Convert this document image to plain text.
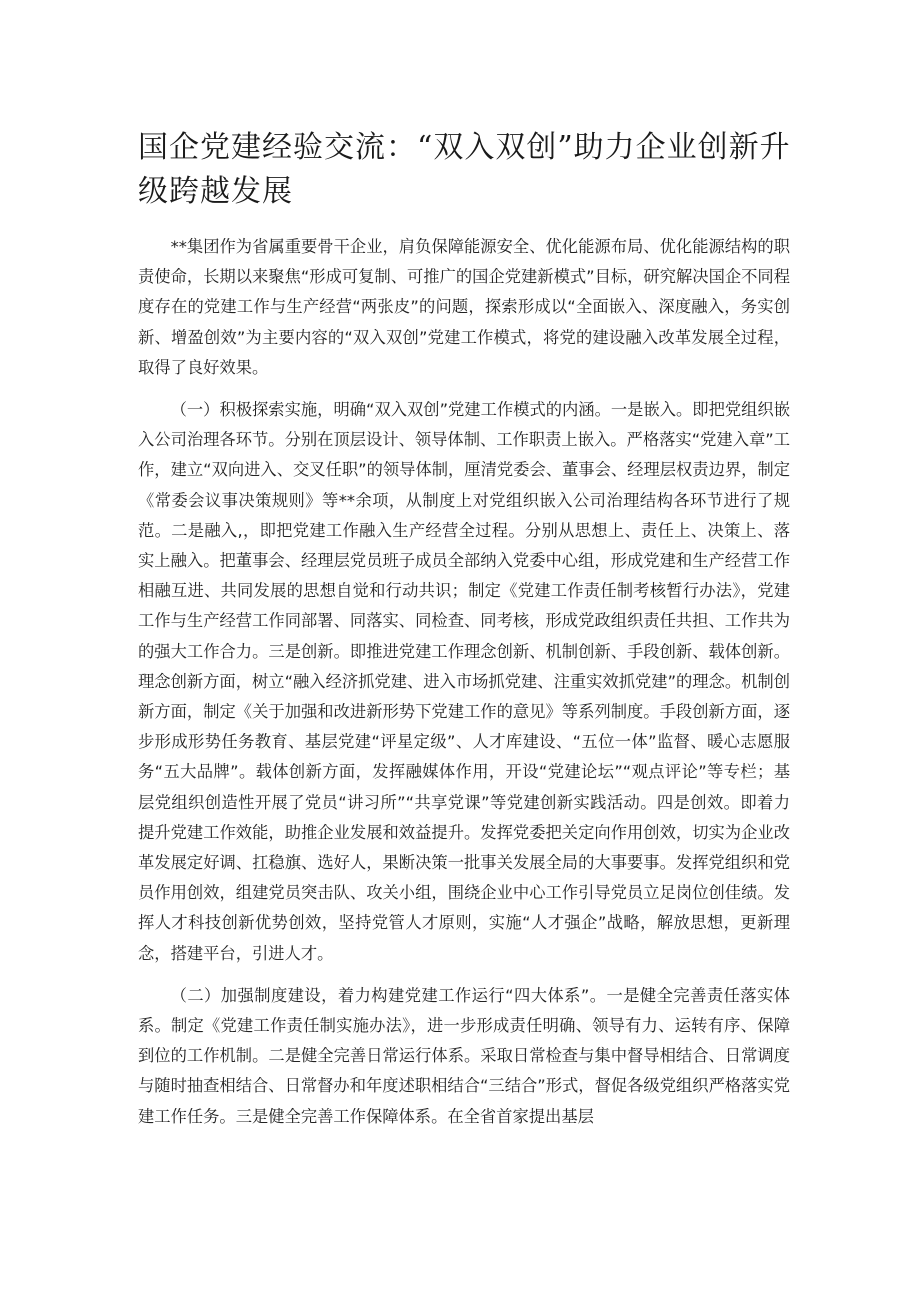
国企党建经验交流：“双入双创”助力企业创新升级跨越发展

**集团作为省属重要骨干企业，肩负保障能源安全、优化能源布局、优化能源结构的职责使命，长期以来聚焦“形成可复制、可推广的国企党建新模式”目标，研究解决国企不同程度存在的党建工作与生产经营“两张皮”的问题，探索形成以“全面嵌入、深度融入，务实创新、增盈创效”为主要内容的“双入双创”党建工作模式，将党的建设融入改革发展全过程，取得了良好效果。

（一）积极探索实施，明确“双入双创”党建工作模式的内涵。一是嵌入。即把党组织嵌入公司治理各环节。分别在顶层设计、领导体制、工作职责上嵌入。严格落实“党建入章”工作，建立“双向进入、交叉任职”的领导体制，厘清党委会、董事会、经理层权责边界，制定《常委会议事决策规则》等**余项，从制度上对党组织嵌入公司治理结构各环节进行了规范。二是融入,，即把党建工作融入生产经营全过程。分别从思想上、责任上、决策上、落实上融入。把董事会、经理层党员班子成员全部纳入党委中心组，形成党建和生产经营工作相融互进、共同发展的思想自觉和行动共识；制定《党建工作责任制考核暂行办法》，党建工作与生产经营工作同部署、同落实、同检查、同考核，形成党政组织责任共担、工作共为的强大工作合力。三是创新。即推进党建工作理念创新、机制创新、手段创新、载体创新。理念创新方面，树立“融入经济抓党建、进入市场抓党建、注重实效抓党建”的理念。机制创新方面，制定《关于加强和改进新形势下党建工作的意见》等系列制度。手段创新方面，逐步形成形势任务教育、基层党建“评星定级”、人才库建设、“五位一体”监督、暖心志愿服务“五大品牌”。载体创新方面，发挥融媒体作用，开设“党建论坛”“观点评论”等专栏；基层党组织创造性开展了党员“讲习所”“共享党课”等党建创新实践活动。四是创效。即着力提升党建工作效能，助推企业发展和效益提升。发挥党委把关定向作用创效，切实为企业改革发展定好调、扛稳旗、选好人，果断决策一批事关发展全局的大事要事。发挥党组织和党员作用创效，组建党员突击队、攻关小组，围绕企业中心工作引导党员立足岗位创佳绩。发挥人才科技创新优势创效，坚持党管人才原则，实施“人才强企”战略，解放思想，更新理念，搭建平台，引进人才。

（二）加强制度建设，着力构建党建工作运行“四大体系”。一是健全完善责任落实体系。制定《党建工作责任制实施办法》，进一步形成责任明确、领导有力、运转有序、保障到位的工作机制。二是健全完善日常运行体系。采取日常检查与集中督导相结合、日常调度与随时抽查相结合、日常督办和年度述职相结合“三结合”形式，督促各级党组织严格落实党建工作任务。三是健全完善工作保障体系。在全省首家提出基层
